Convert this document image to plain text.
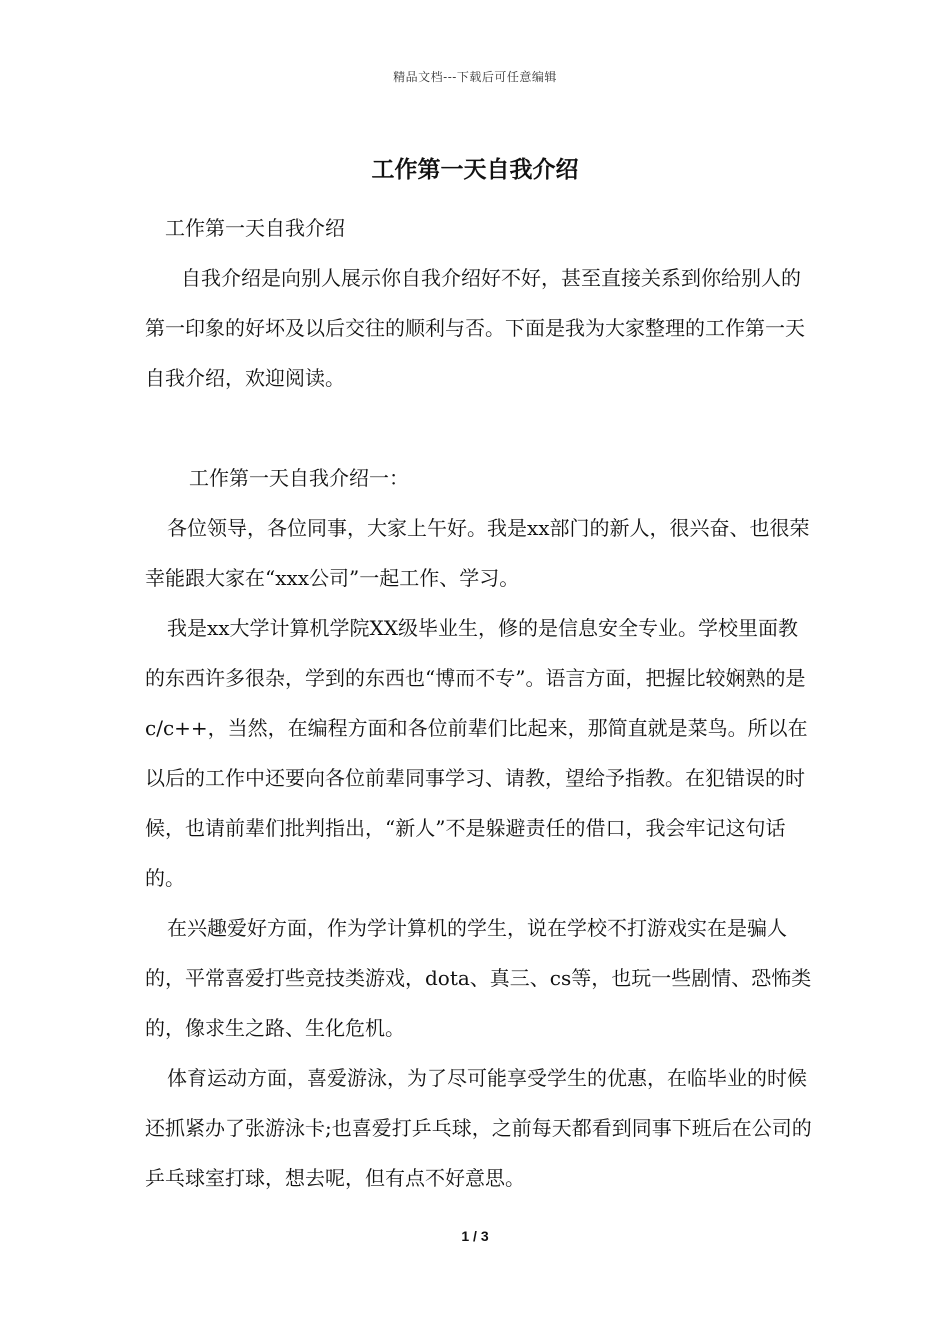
精品文档---下载后可任意编辑
工作第一天自我介绍

工作第一天自我介绍

自我介绍是向别人展示你自我介绍好不好，甚至直接关系到你给别人的第一印象的好坏及以后交往的顺利与否。下面是我为大家整理的工作第一天自我介绍，欢迎阅读。

工作第一天自我介绍一：

各位领导，各位同事，大家上午好。我是xx部门的新人，很兴奋、也很荣幸能跟大家在“xxx公司”一起工作、学习。

我是xx大学计算机学院XX级毕业生，修的是信息安全专业。学校里面教的东西许多很杂，学到的东西也“博而不专”。语言方面，把握比较娴熟的是c/c++，当然，在编程方面和各位前辈们比起来，那简直就是菜鸟。所以在以后的工作中还要向各位前辈同事学习、请教，望给予指教。在犯错误的时候，也请前辈们批判指出，“新人”不是躲避责任的借口，我会牢记这句话的。

在兴趣爱好方面，作为学计算机的学生，说在学校不打游戏实在是骗人的，平常喜爱打些竞技类游戏，dota、真三、cs等，也玩一些剧情、恐怖类的，像求生之路、生化危机。

体育运动方面，喜爱游泳，为了尽可能享受学生的优惠，在临毕业的时候还抓紧办了张游泳卡;也喜爱打乒乓球，之前每天都看到同事下班后在公司的乒乓球室打球，想去呢，但有点不好意思。

1 / 3
